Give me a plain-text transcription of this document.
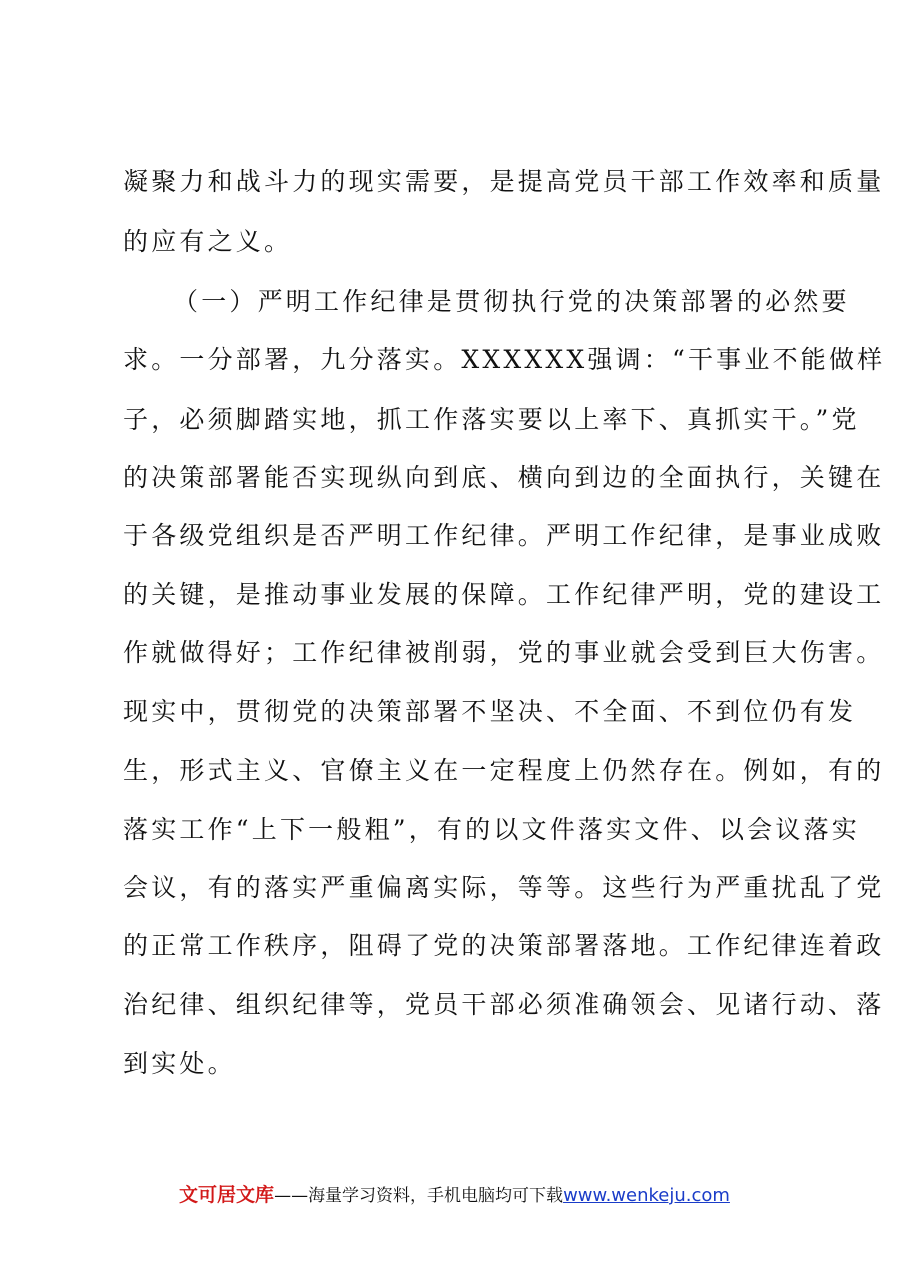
凝聚力和战斗力的现实需要，是提高党员干部工作效率和质量
的应有之义。
（一）严明工作纪律是贯彻执行党的决策部署的必然要
求。一分部署，九分落实。XXXXXX强调：“干事业不能做样
子，必须脚踏实地，抓工作落实要以上率下、真抓实干。”党
的决策部署能否实现纵向到底、横向到边的全面执行，关键在
于各级党组织是否严明工作纪律。严明工作纪律，是事业成败
的关键，是推动事业发展的保障。工作纪律严明，党的建设工
作就做得好；工作纪律被削弱，党的事业就会受到巨大伤害。
现实中，贯彻党的决策部署不坚决、不全面、不到位仍有发
生，形式主义、官僚主义在一定程度上仍然存在。例如，有的
落实工作“上下一般粗”，有的以文件落实文件、以会议落实
会议，有的落实严重偏离实际，等等。这些行为严重扰乱了党
的正常工作秩序，阻碍了党的决策部署落地。工作纪律连着政
治纪律、组织纪律等，党员干部必须准确领会、见诸行动、落
到实处。
文可居文库——海量学习资料，手机电脑均可下载www.wenkeju.com
